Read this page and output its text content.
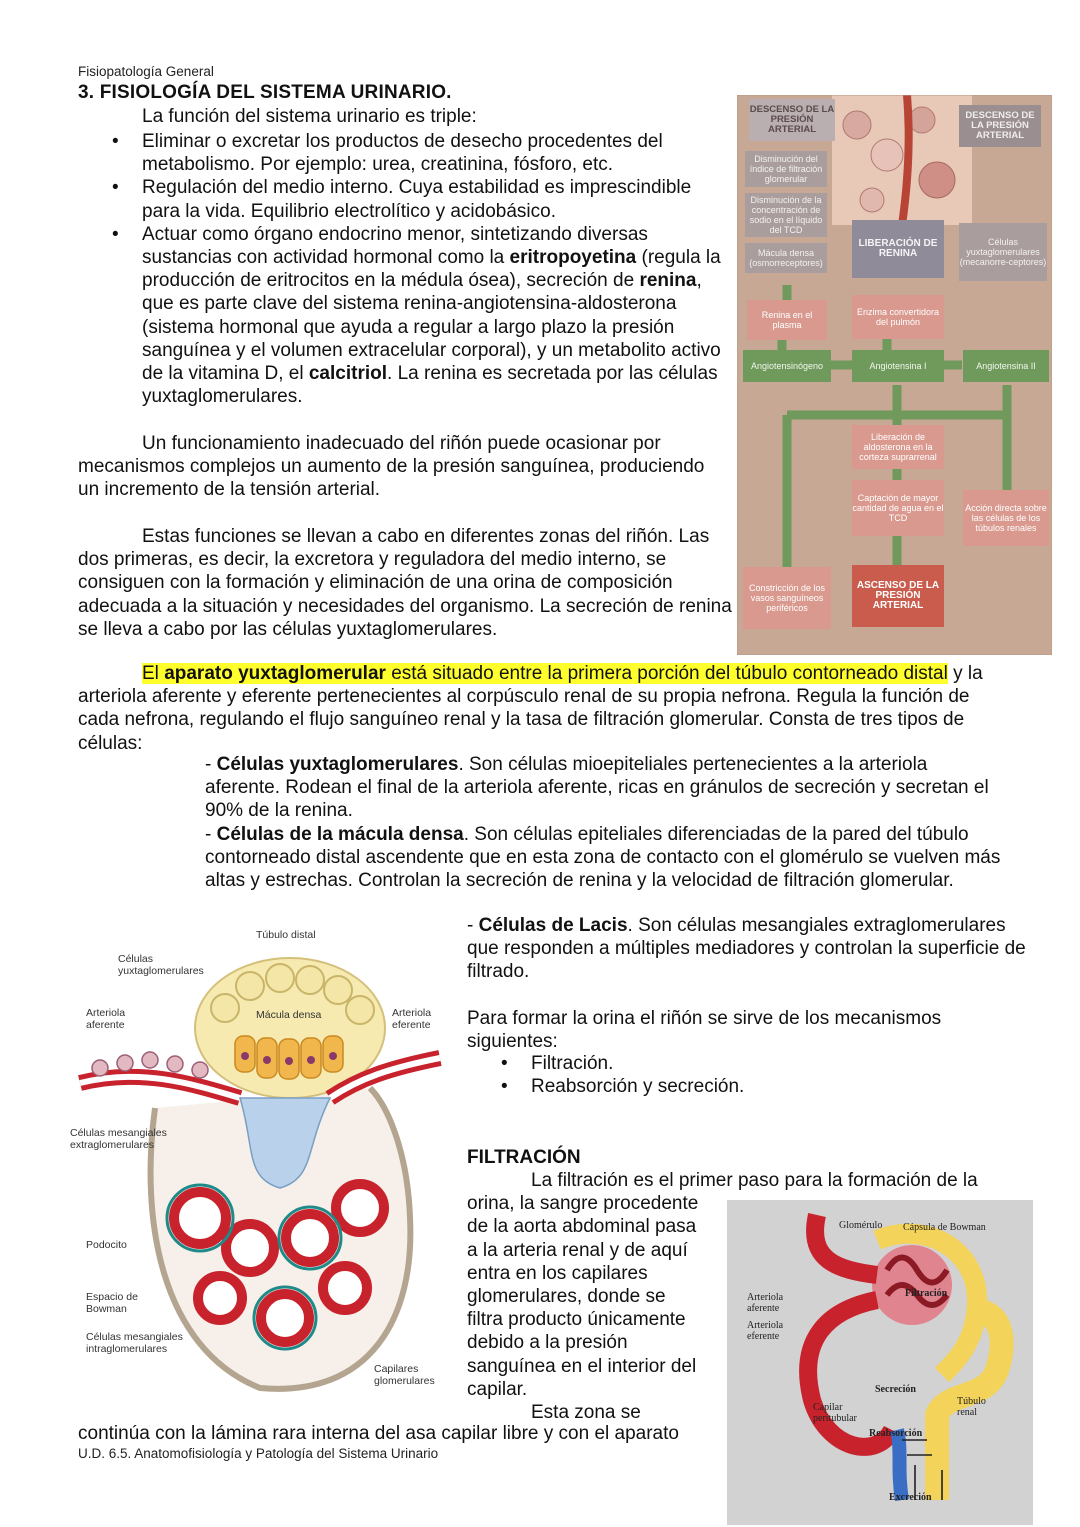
Fisiopatología General
3. FISIOLOGÍA DEL SISTEMA URINARIO.
La función del sistema urinario es triple:
• Eliminar o excretar los productos de desecho procedentes del metabolismo. Por ejemplo: urea, creatinina, fósforo, etc.
• Regulación del medio interno. Cuya estabilidad es imprescindible para la vida. Equilibrio electrolítico y acidobásico.
• Actuar como órgano endocrino menor, sintetizando diversas sustancias con actividad hormonal como la eritropoyetina (regula la producción de eritrocitos en la médula ósea), secreción de renina, que es parte clave del sistema renina-angiotensina-aldosterona (sistema hormonal que ayuda a regular a largo plazo la presión sanguínea y el volumen extracelular corporal), y un metabolito activo de la vitamina D, el calcitriol. La renina es secretada por las células yuxtaglomerulares.

Un funcionamiento inadecuado del riñón puede ocasionar por mecanismos complejos un aumento de la presión sanguínea, produciendo un incremento de la tensión arterial.

Estas funciones se llevan a cabo en diferentes zonas del riñón. Las dos primeras, es decir, la excretora y reguladora del medio interno, se consiguen con la formación y eliminación de una orina de composición adecuada a la situación y necesidades del organismo. La secreción de renina se lleva a cabo por las células yuxtaglomerulares.

El aparato yuxtaglomerular está situado entre la primera porción del túbulo contorneado distal y la arteriola aferente y eferente pertenecientes al corpúsculo renal de su propia nefrona. Regula la función de cada nefrona, regulando el flujo sanguíneo renal y la tasa de filtración glomerular. Consta de tres tipos de células:

- Células yuxtaglomerulares. Son células mioepiteliales pertenecientes a la arteriola aferente. Rodean el final de la arteriola aferente, ricas en gránulos de secreción y secretan el 90% de la renina.

- Células de la mácula densa. Son células epiteliales diferenciadas de la pared del túbulo contorneado distal ascendente que en esta zona de contacto con el glomérulo se vuelven más altas y estrechas. Controlan la secreción de renina y la velocidad de filtración glomerular.

- Células de Lacis. Son células mesangiales extraglomerulares que responden a múltiples mediadores y controlan la superficie de filtrado.

Para formar la orina el riñón se sirve de los mecanismos siguientes:

• Filtración.
• Reabsorción y secreción.
FILTRACIÓN

La filtración es el primer paso para la formación de la

orina, la sangre procedente

de la aorta abdominal pasa

a la arteria renal y de aquí

entra en los capilares

glomerulares, donde se

filtra producto únicamente

debido a la presión

sanguínea en el interior del

capilar.

Esta zona se

continúa con la lámina rara interna del asa capilar libre y con el aparato
U.D. 6.5. Anatomofisiología y Patología del Sistema Urinario
DESCENSO DE LA PRESIÓN ARTERIAL
DESCENSO DE LA PRESIÓN ARTERIAL
Disminución del índice de filtración glomerular
Disminución de la concentración de sodio en el líquido del TCD
Mácula densa (osmorreceptores)
LIBERACIÓN DE RENINA
Células yuxtaglomerulares (mecanorre-ceptores)
Renina en el plasma
Enzima convertidora del pulmón
Angiotensinógeno	Angiotensina I	Angiotensina II
Liberación de aldosterona en la corteza suprarrenal
Captación de mayor cantidad de agua en el TCD
Acción directa sobre las células de los túbulos renales
Constricción de los vasos sanguíneos periféricos
ASCENSO DE LA PRESIÓN ARTERIAL
Túbulo distal
Células yuxtaglomerulares
Arteriola aferente
Mácula densa	Arteriola eferente
Células mesangiales extraglomerulares
Podocito
Espacio de Bowman
Células mesangiales intraglomerulares
Capilares glomerulares
Glomérulo Cápsula de Bowman
Arteriola aferente
Arteriola eferente
Filtración
Secreción
Capilar peritubular
Túbulo renal
Reabsorción
Excreción
